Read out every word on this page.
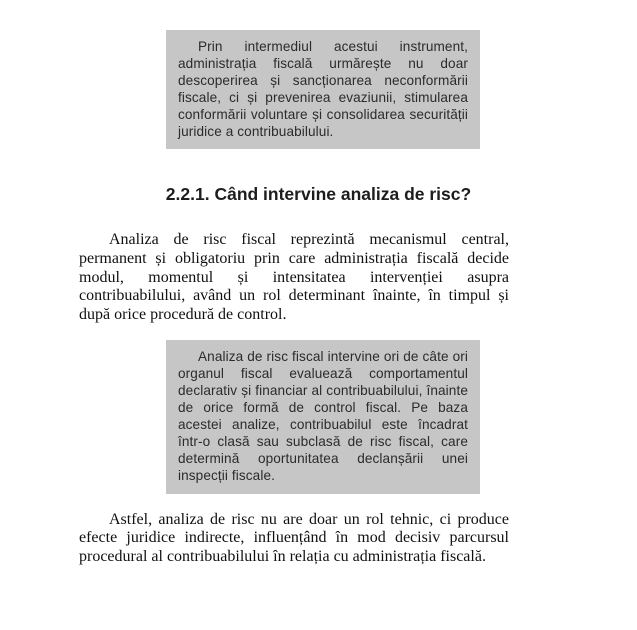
Prin intermediul acestui instrument, administrația fiscală urmărește nu doar descoperirea și sancționarea neconformării fiscale, ci și prevenirea evaziunii, stimularea conformării voluntare și consolidarea securității juridice a contribuabilului.
2.2.1. Când intervine analiza de risc?

Analiza de risc fiscal reprezintă mecanismul central, permanent și obligatoriu prin care administrația fiscală decide modul, momentul și intensitatea intervenției asupra contribuabilului, având un rol determinant înainte, în timpul și după orice procedură de control.

Analiza de risc fiscal intervine ori de câte ori organul fiscal evaluează comportamentul declarativ și financiar al contribuabilului, înainte de orice formă de control fiscal. Pe baza acestei analize, contribuabilul este încadrat într-o clasă sau subclasă de risc fiscal, care determină oportunitatea declanșării unei inspecții fiscale.

Astfel, analiza de risc nu are doar un rol tehnic, ci produce efecte juridice indirecte, influențând în mod decisiv parcursul procedural al contribuabilului în relația cu administrația fiscală.
